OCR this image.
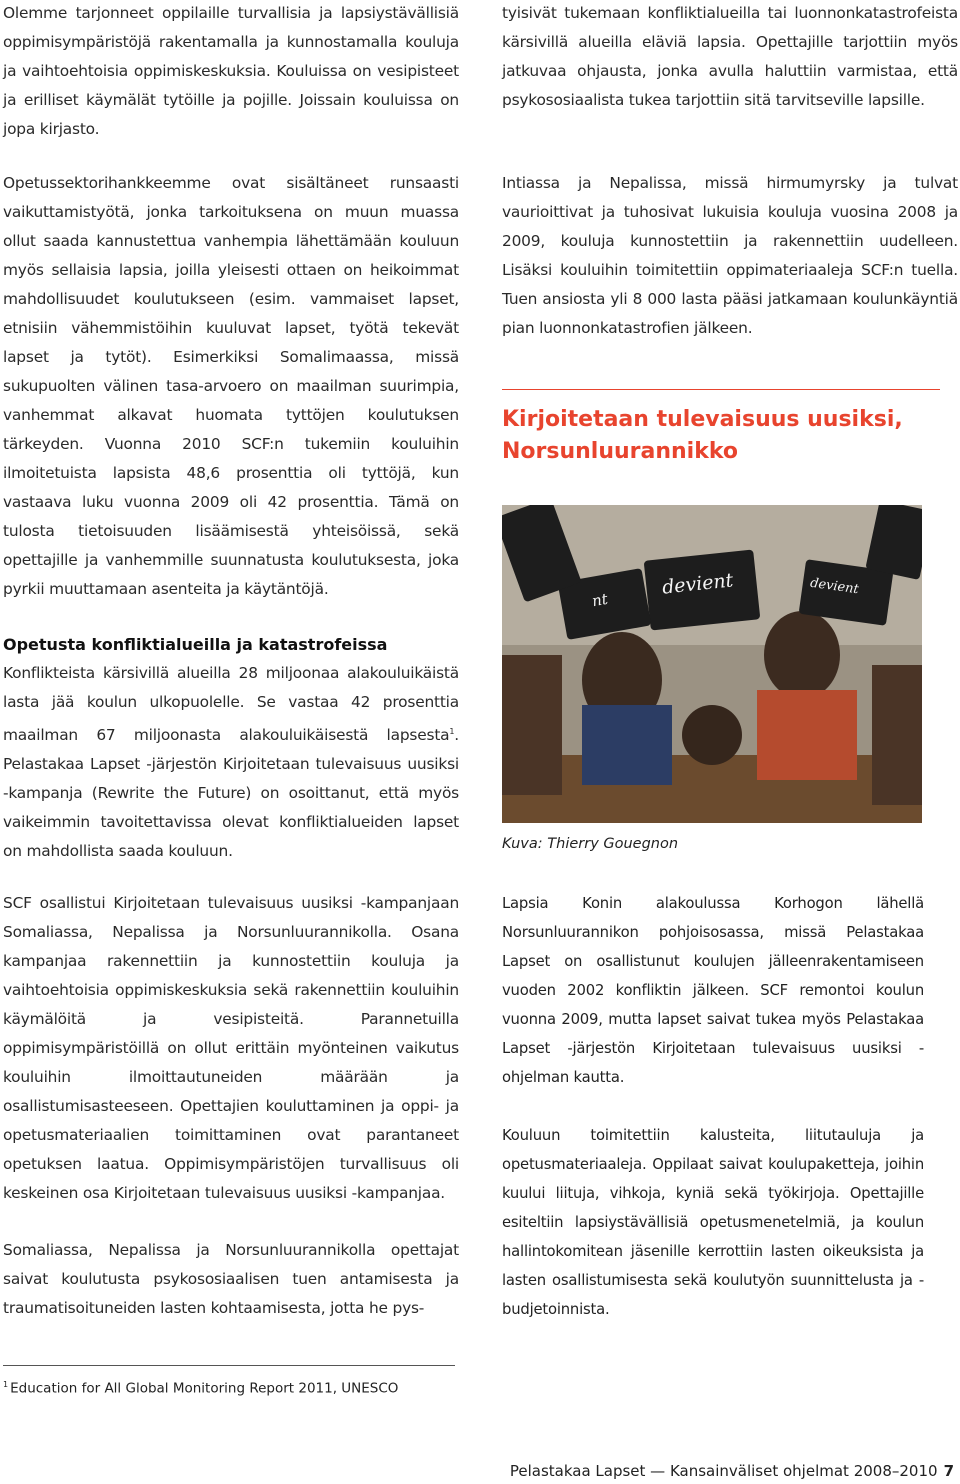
Olemme tarjonneet oppilaille turvallisia ja lapsiystävällisiä oppimisympäristöjä rakentamalla ja kunnostamalla kouluja ja vaihtoehtoisia oppimiskeskuksia. Kouluissa on vesipisteet ja erilliset käymälät tytöille ja pojille. Joissain kouluissa on jopa kirjasto.

Opetussektorihankkeemme ovat sisältäneet runsaasti vaikuttamistyötä, jonka tarkoituksena on muun muassa ollut saada kannustettua vanhempia lähettämään kouluun myös sellaisia lapsia, joilla yleisesti ottaen on heikoimmat mahdollisuudet koulutukseen (esim. vammaiset lapset, etnisiin vähemmistöihin kuuluvat lapset, työtä tekevät lapset ja tytöt). Esimerkiksi Somalimaassa, missä sukupuolten välinen tasa-arvoero on maailman suurimpia, vanhemmat alkavat huomata tyttöjen koulutuksen tärkeyden. Vuonna 2010 SCF:n tukemiin kouluihin ilmoitetuista lapsista 48,6 prosenttia oli tyttöjä, kun vastaava luku vuonna 2009 oli 42 prosenttia. Tämä on tulosta tietoisuuden lisäämisestä yhteisöissä, sekä opettajille ja vanhemmille suunnatusta koulutuksesta, joka pyrkii muuttamaan asenteita ja käytäntöjä.

Opetusta konfliktialueilla ja katastrofeissa

Konflikteista kärsivillä alueilla 28 miljoonaa alakouluikäistä lasta jää koulun ulkopuolelle. Se vastaa 42 prosenttia maailman 67 miljoonasta alakouluikäisestä lapsesta$^1$. Pelastakaa Lapset -järjestön Kirjoitetaan tulevaisuus uusiksi -kampanja (Rewrite the Future) on osoittanut, että myös vaikeimmin tavoitettavissa olevat konfliktialueiden lapset on mahdollista saada kouluun.

SCF osallistui Kirjoitetaan tulevaisuus uusiksi -kampanjaan Somaliassa, Nepalissa ja Norsunluurannikolla. Osana kampanjaa rakennettiin ja kunnostettiin kouluja ja vaihtoehtoisia oppimiskeskuksia sekä rakennettiin kouluihin käymälöitä ja vesipisteitä. Parannetuilla oppimisympäristöillä on ollut erittäin myönteinen vaikutus kouluihin ilmoittautuneiden määrään ja osallistumisasteeseen. Opettajien kouluttaminen ja oppi- ja opetusmateriaalien toimittaminen ovat parantaneet opetuksen laatua. Oppimisympäristöjen turvallisuus oli keskeinen osa Kirjoitetaan tulevaisuus uusiksi -kampanjaa.

Somaliassa, Nepalissa ja Norsunluurannikolla opettajat saivat koulutusta psykososiaalisen tuen antamisesta ja traumatisoituneiden lasten kohtaamisesta, jotta he pys-

tyisivät tukemaan konfliktialueilla tai luonnonkatastrofeista kärsivillä alueilla eläviä lapsia. Opettajille tarjottiin myös jatkuvaa ohjausta, jonka avulla haluttiin varmistaa, että psykososiaalista tukea tarjottiin sitä tarvitseville lapsille.

Intiassa ja Nepalissa, missä hirmumyrsky ja tulvat vaurioittivat ja tuhosivat lukuisia kouluja vuosina 2008 ja 2009, kouluja kunnostettiin ja rakennettiin uudelleen. Lisäksi kouluihin toimitettiin oppimateriaaleja SCF:n tuella. Tuen ansiosta yli 8 000 lasta pääsi jatkamaan koulunkäyntiä pian luonnonkatastrofien jälkeen.

Kirjoitetaan tulevaisuus uusiksi,
Norsunluurannikko
devient	devient
nt

Kuva: Thierry Gouegnon

Lapsia Konin alakoulussa Korhogon lähellä Norsunluurannikon pohjoisosassa, missä Pelastakaa Lapset on osallistunut koulujen jälleenrakentamiseen vuoden 2002 konfliktin jälkeen. SCF remontoi koulun vuonna 2009, mutta lapset saivat tukea myös Pelastakaa Lapset -järjestön Kirjoitetaan tulevaisuus uusiksi -ohjelman kautta.

Kouluun toimitettiin kalusteita, liitutauluja ja opetusmateriaaleja. Oppilaat saivat koulupaketteja, joihin kuului liituja, vihkoja, kyniä sekä työkirjoja. Opettajille esiteltiin lapsiystävällisiä opetusmenetelmiä, ja koulun hallintokomitean jäsenille kerrottiin lasten oikeuksista ja lasten osallistumisesta sekä koulutyön suunnittelusta ja - budjetoinnista.

$^1$ Education for All Global Monitoring Report 2011, UNESCO

Pelastakaa Lapset — Kansainväliset ohjelmat 2008–2010 7
